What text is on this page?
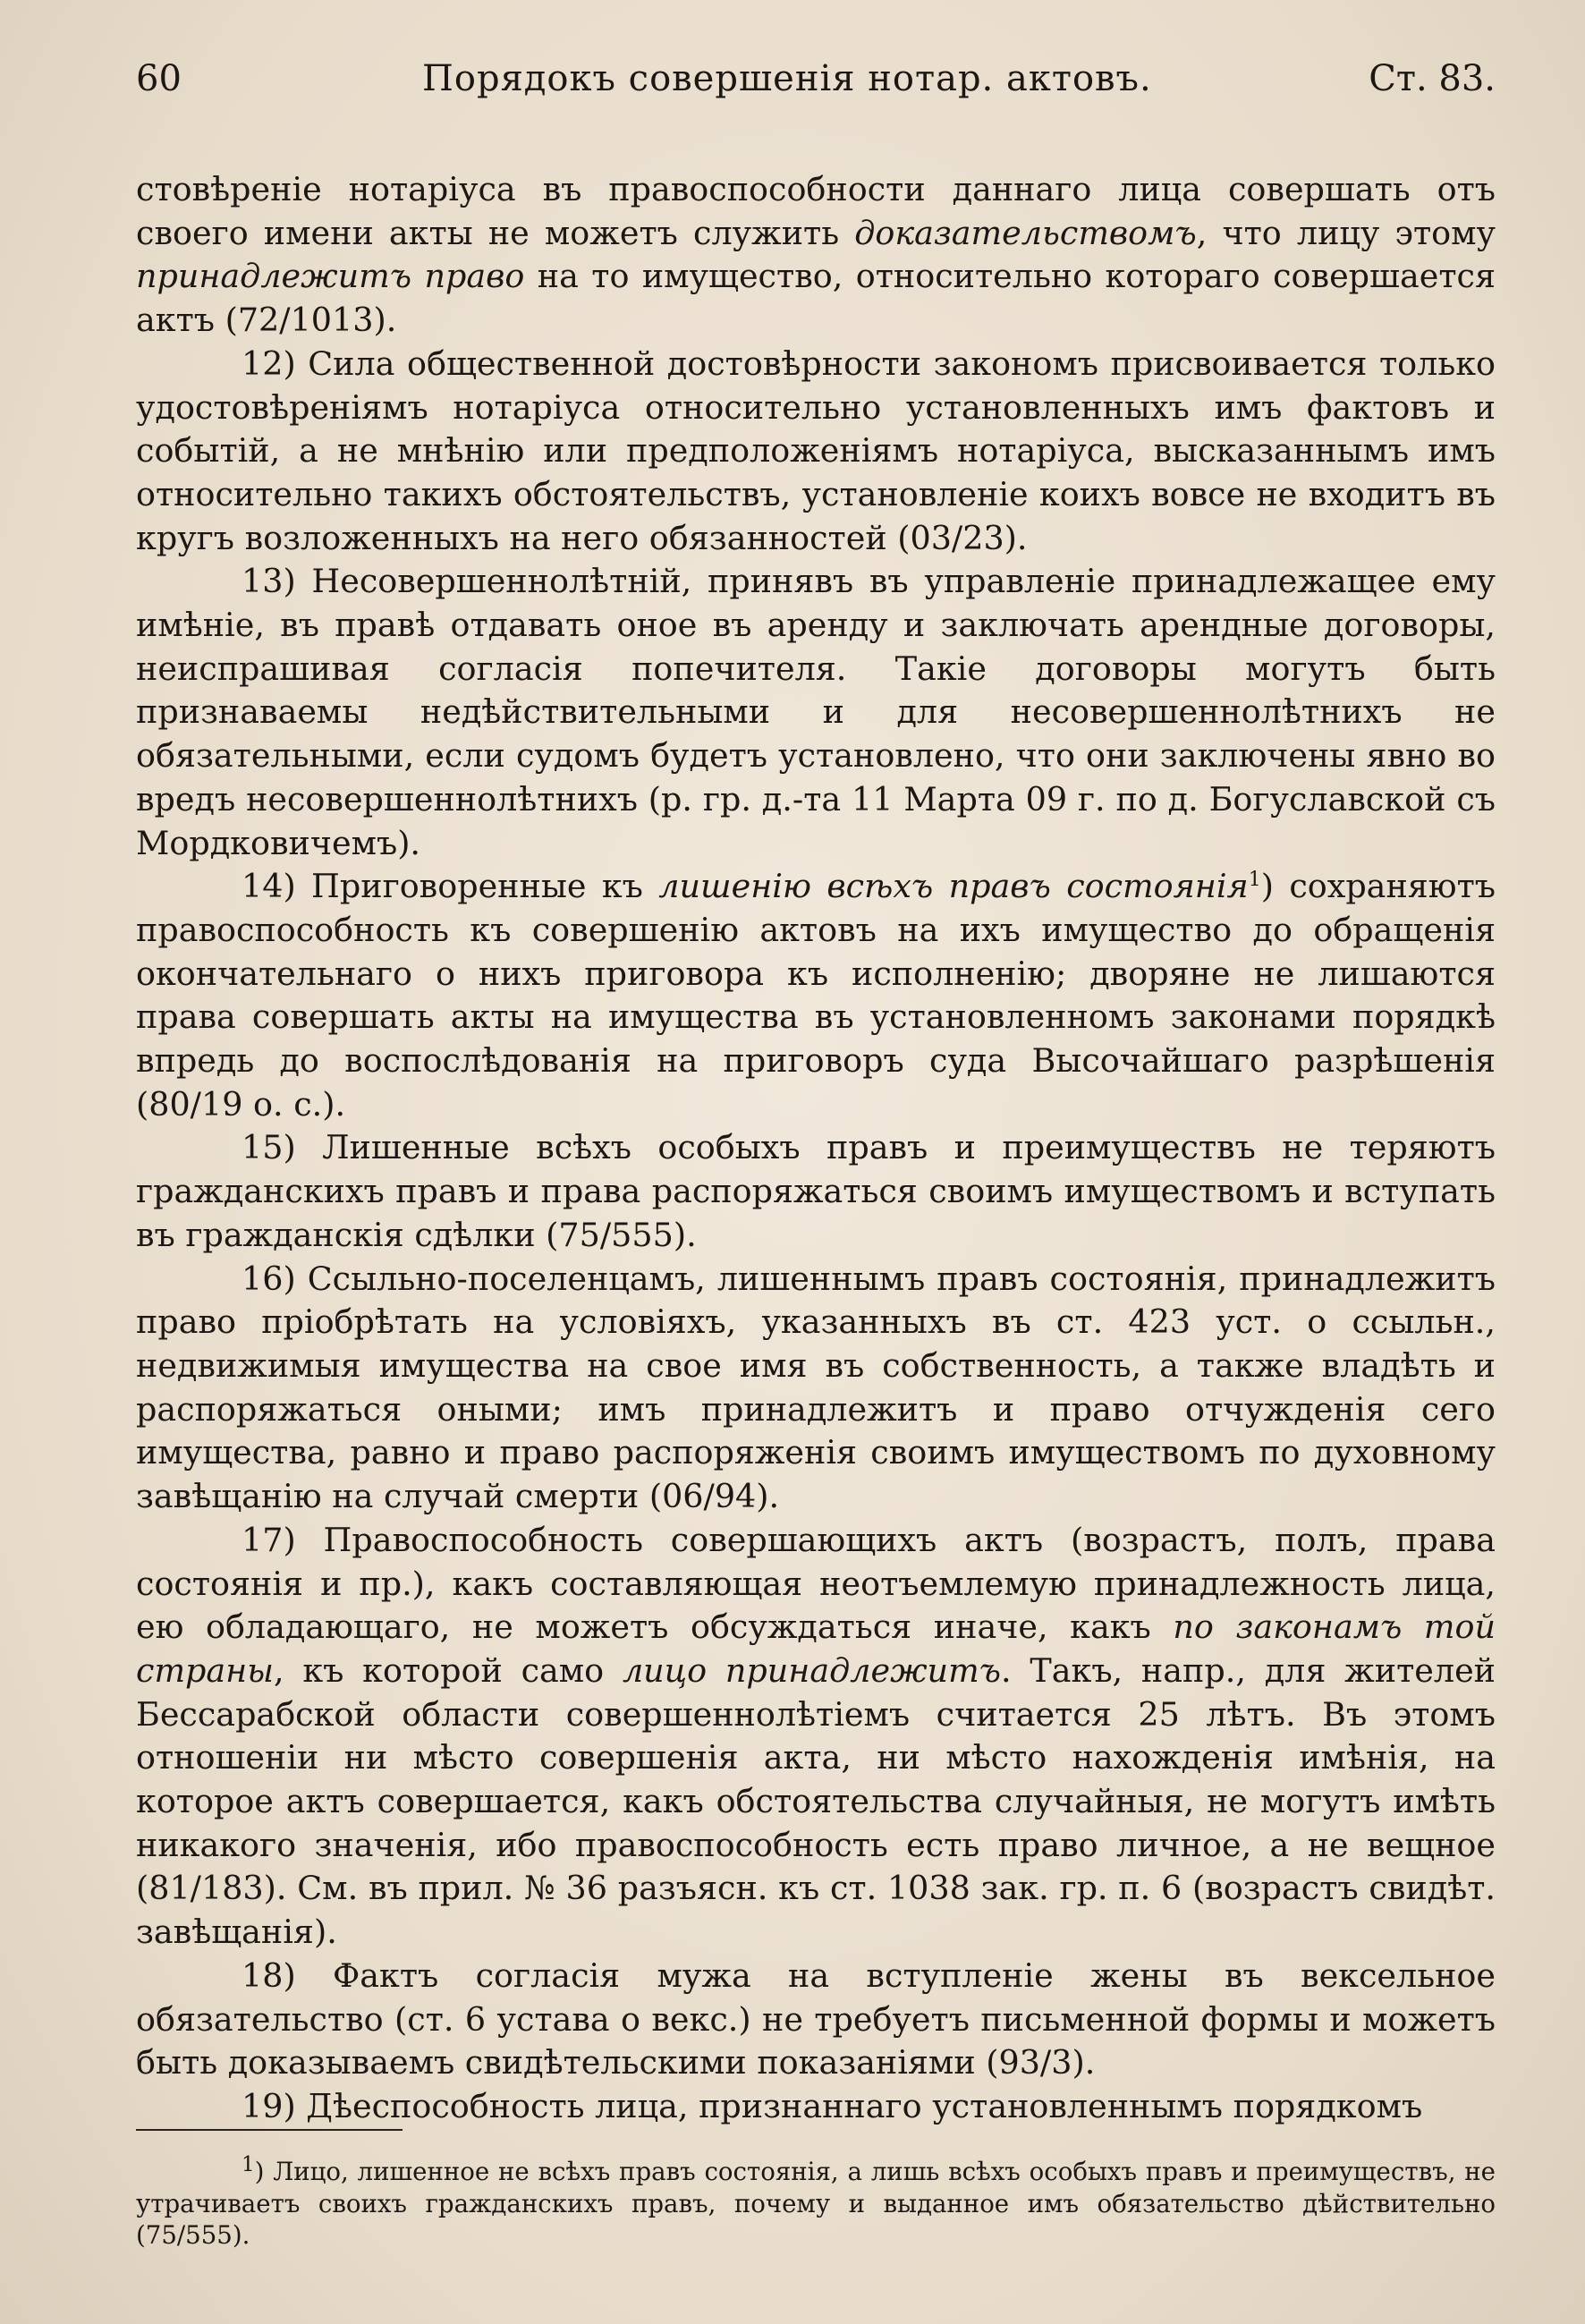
60	Порядокъ совершенія нотар. актовъ.	Ст. 83.

стовѣреніе нотаріуса въ правоспособности даннаго лица совершать отъ своего имени акты не можетъ служить доказательствомъ, что лицу этому принадлежитъ право на то имущество, относительно котораго совершается актъ (72/1013).

12) Сила общественной достовѣрности закономъ присвоивается только удостовѣреніямъ нотаріуса относительно установленныхъ имъ фактовъ и событій, а не мнѣнію или предположеніямъ нотаріуса, высказаннымъ имъ относительно такихъ обстоятельствъ, установленіе коихъ вовсе не входитъ въ кругъ возложенныхъ на него обязанностей (03/23).

13) Несовершеннолѣтній, принявъ въ управленіе принадлежащее ему имѣніе, въ правѣ отдавать оное въ аренду и заключать арендные договоры, неиспрашивая согласія попечителя. Такіе договоры могутъ быть признаваемы недѣйствительными и для несовершеннолѣтнихъ не обязательными, если судомъ будетъ установлено, что они заключены явно во вредъ несовершеннолѣтнихъ (р. гр. д.-та 11 Марта 09 г. по д. Богуславской съ Мордковичемъ).

14) Приговоренные къ лишенію всѣхъ правъ состоянія$^1$) сохраняютъ правоспособность къ совершенію актовъ на ихъ имущество до обращенія окончательнаго о нихъ приговора къ исполненію; дворяне не лишаются права совершать акты на имущества въ установленномъ законами порядкѣ впредь до воспослѣдованія на приговоръ суда Высочайшаго разрѣшенія (80/19 о. с.).

15) Лишенные всѣхъ особыхъ правъ и преимуществъ не теряютъ гражданскихъ правъ и права распоряжаться своимъ имуществомъ и вступать въ гражданскія сдѣлки (75/555).

16) Ссыльно-поселенцамъ, лишеннымъ правъ состоянія, принадлежитъ право пріобрѣтать на условіяхъ, указанныхъ въ ст. 423 уст. о ссыльн., недвижимыя имущества на свое имя въ собственность, а также владѣть и распоряжаться оными; имъ принадлежитъ и право отчужденія сего имущества, равно и право распоряженія своимъ имуществомъ по духовному завѣщанію на случай смерти (06/94).

17) Правоспособность совершающихъ актъ (возрастъ, полъ, права состоянія и пр.), какъ составляющая неотъемлемую принадлежность лица, ею обладающаго, не можетъ обсуждаться иначе, какъ по законамъ той страны, къ которой само лицо принадлежитъ. Такъ, напр., для жителей Бессарабской области совершеннолѣтіемъ считается 25 лѣтъ. Въ этомъ отношеніи ни мѣсто совершенія акта, ни мѣсто нахожденія имѣнія, на которое актъ совершается, какъ обстоятельства случайныя, не могутъ имѣть никакого значенія, ибо правоспособность есть право личное, а не вещное (81/183). См. въ прил. № 36 разъясн. къ ст. 1038 зак. гр. п. 6 (возрастъ свидѣт. завѣщанія).

18) Фактъ согласія мужа на вступленіе жены въ вексельное обязательство (ст. 6 устава о векс.) не требуетъ письменной формы и можетъ быть доказываемъ свидѣтельскими показаніями (93/3).

19) Дѣеспособность лица, признаннаго установленнымъ порядкомъ

$^1$) Лицо, лишенное не всѣхъ правъ состоянія, а лишь всѣхъ особыхъ правъ и преимуществъ, не утрачиваетъ своихъ гражданскихъ правъ, почему и выданное имъ обязательство дѣйствительно (75/555).
